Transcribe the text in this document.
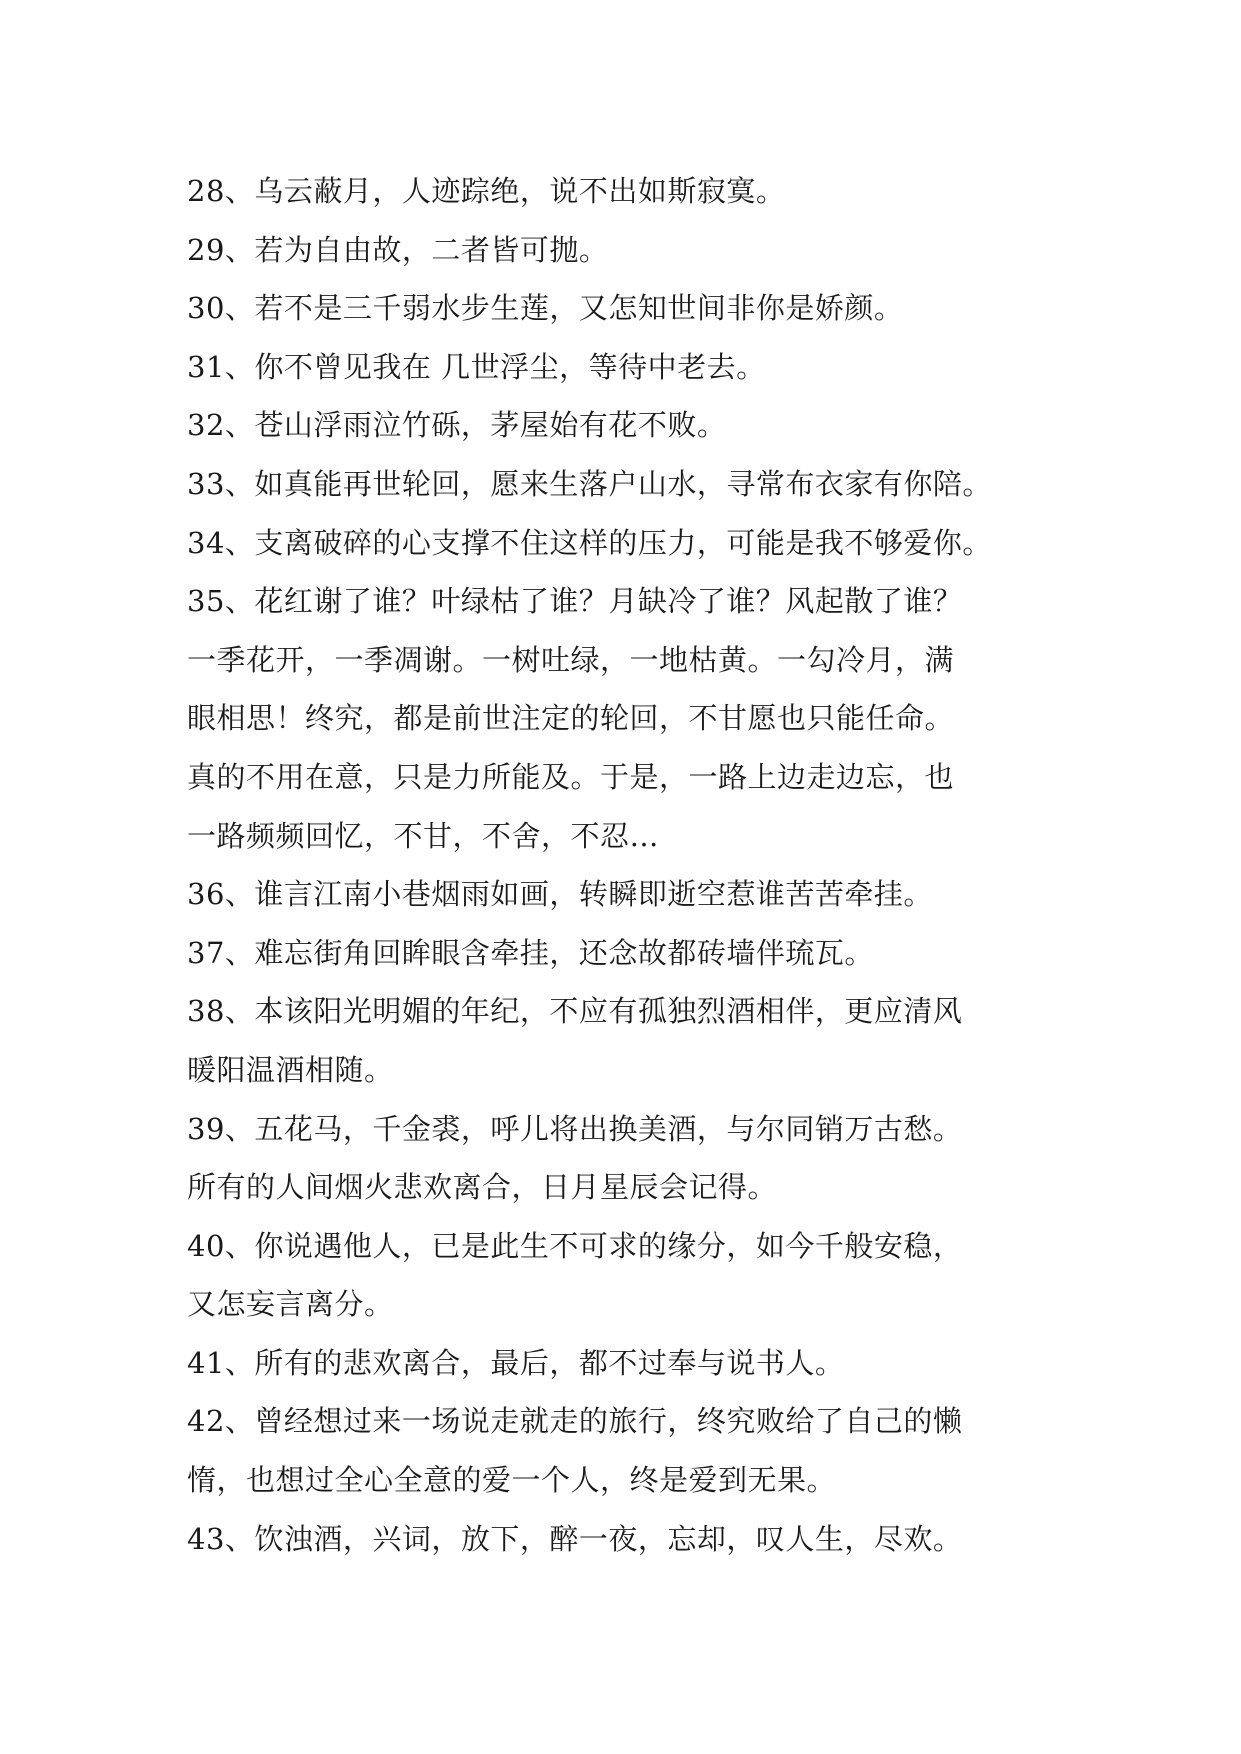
28、乌云蔽月，人迹踪绝，说不出如斯寂寞。
29、若为自由故，二者皆可抛。
30、若不是三千弱水步生莲，又怎知世间非你是娇颜。
31、你不曾见我在 几世浮尘，等待中老去。
32、苍山浮雨泣竹砾，茅屋始有花不败。
33、如真能再世轮回，愿来生落户山水，寻常布衣家有你陪。
34、支离破碎的心支撑不住这样的压力，可能是我不够爱你。
35、花红谢了谁？叶绿枯了谁？月缺冷了谁？风起散了谁？
一季花开，一季凋谢。一树吐绿，一地枯黄。一勾冷月，满
眼相思！终究，都是前世注定的轮回，不甘愿也只能任命。
真的不用在意，只是力所能及。于是，一路上边走边忘，也
一路频频回忆，不甘，不舍，不忍…
36、谁言江南小巷烟雨如画，转瞬即逝空惹谁苦苦牵挂。
37、难忘街角回眸眼含牵挂，还念故都砖墙伴琉瓦。
38、本该阳光明媚的年纪，不应有孤独烈酒相伴，更应清风
暖阳温酒相随。
39、五花马，千金裘，呼儿将出换美酒，与尔同销万古愁。
所有的人间烟火悲欢离合，日月星辰会记得。
40、你说遇他人，已是此生不可求的缘分，如今千般安稳，
又怎妄言离分。
41、所有的悲欢离合，最后，都不过奉与说书人。
42、曾经想过来一场说走就走的旅行，终究败给了自己的懒
惰，也想过全心全意的爱一个人，终是爱到无果。
43、饮浊酒，兴词，放下，醉一夜，忘却，叹人生，尽欢。
